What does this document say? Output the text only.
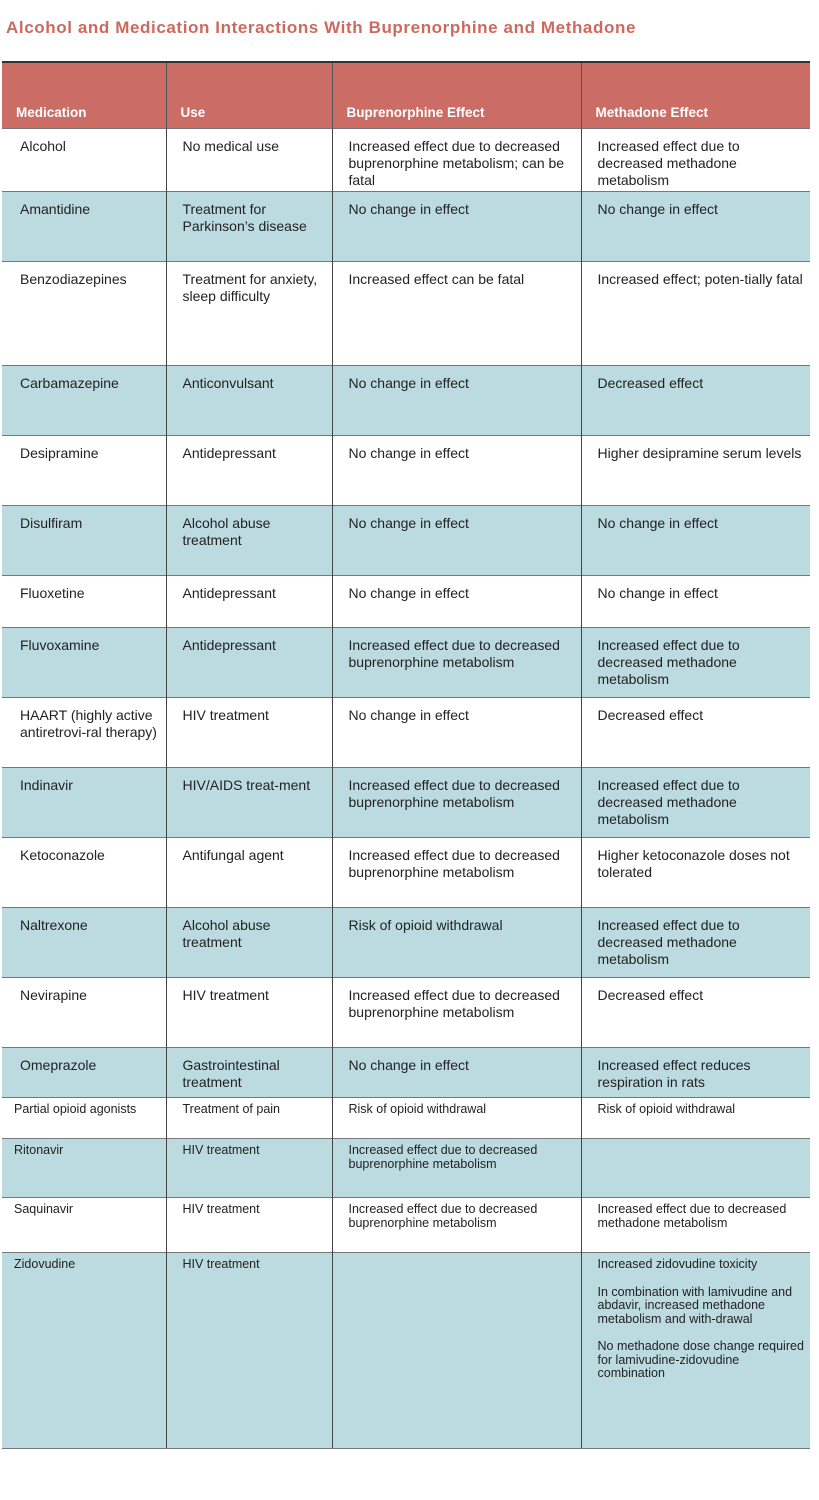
Alcohol and Medication Interactions With Buprenorphine and Methadone
Medication	Use	Buprenorphine Effect	Methadone Effect
Alcohol	No medical use	Increased effect due to decreased buprenorphine metabolism; can be fatal	Increased effect due to decreased methadone metabolism

Amantidine	Treatment for Parkinson’s disease	No change in effect	No change in effect

Benzodiazepines	Treatment for anxiety, sleep difficulty	Increased effect can be fatal	Increased effect; poten-tially fatal

Carbamazepine	Anticonvulsant	No change in effect	Decreased effect

Desipramine	Antidepressant	No change in effect	Higher desipramine serum levels

Disulfiram	Alcohol abuse treatment	No change in effect	No change in effect

Fluoxetine	Antidepressant	No change in effect	No change in effect

Fluvoxamine	Antidepressant	Increased effect due to decreased buprenorphine metabolism	Increased effect due to decreased methadone metabolism

HAART (highly active antiretrovi-ral therapy)	HIV treatment	No change in effect	Decreased effect

Indinavir	HIV/AIDS treat-ment	Increased effect due to decreased buprenorphine metabolism	Increased effect due to decreased methadone metabolism

Ketoconazole	Antifungal agent	Increased effect due to decreased buprenorphine metabolism	Higher ketoconazole doses not tolerated

Naltrexone	Alcohol abuse treatment	Risk of opioid withdrawal	Increased effect due to decreased methadone metabolism

Nevirapine	HIV treatment	Increased effect due to decreased buprenorphine metabolism	Decreased effect

Omeprazole	Gastrointestinal treatment	No change in effect	Increased effect reduces respiration in rats

Partial opioid agonists	Treatment of pain	Risk of opioid withdrawal	Risk of opioid withdrawal

Ritonavir	HIV treatment	Increased effect due to decreased buprenorphine metabolism	
Saquinavir	HIV treatment	Increased effect due to decreased buprenorphine metabolism	Increased effect due to decreased methadone metabolism

Zidovudine	HIV treatment		Increased zidovudine toxicity
In combination with lamivudine and abdavir, increased methadone metabolism and with-drawal
No methadone dose change required for lamivudine-zidovudine combination
